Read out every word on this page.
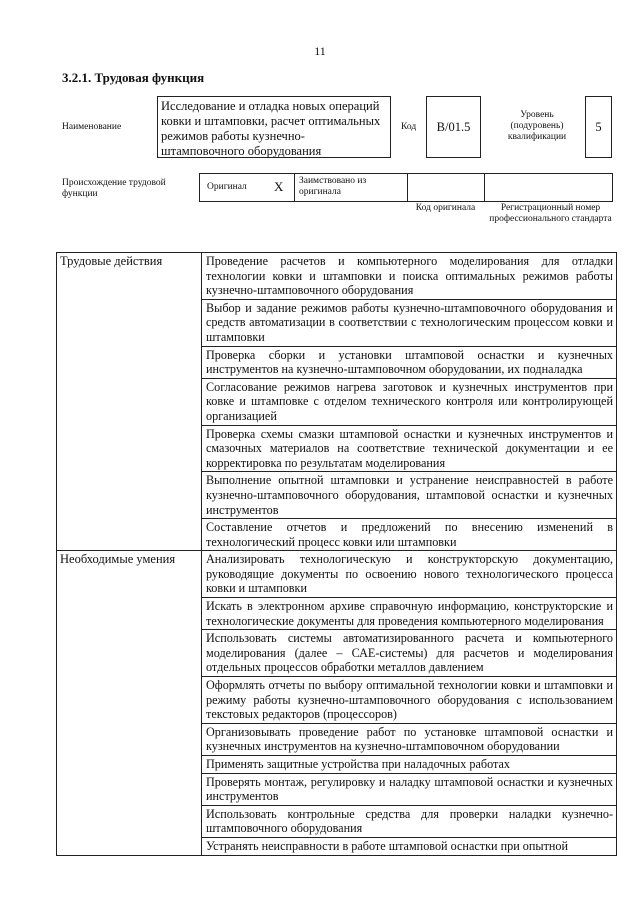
11
3.2.1. Трудовая функция
Наименование
Исследование и отладка новых операций ковки и штамповки, расчет оптимальных режимов работы кузнечно-штамповочного оборудования
Код В/01.5
Уровень (подуровень) квалификации
5
Происхождение трудовой функции
Оригинал X Заимствовано из оригинала
Код оригинала	Регистрационный номер профессионального стандарта
Трудовые действия	Проведение расчетов и компьютерного моделирования для отладки технологии ковки и штамповки и поиска оптимальных режимов работы кузнечно-штамповочного оборудования
Выбор и задание режимов работы кузнечно-штамповочного оборудования и средств автоматизации в соответствии с технологическим процессом ковки и штамповки
Проверка сборки и установки штамповой оснастки и кузнечных инструментов на кузнечно-штамповочном оборудовании, их подналадка
Согласование режимов нагрева заготовок и кузнечных инструментов при ковке и штамповке с отделом технического контроля или контролирующей организацией
Проверка схемы смазки штамповой оснастки и кузнечных инструментов и смазочных материалов на соответствие технической документации и ее корректировка по результатам моделирования
Выполнение опытной штамповки и устранение неисправностей в работе кузнечно-штамповочного оборудования, штамповой оснастки и кузнечных инструментов
Составление отчетов и предложений по внесению изменений в технологический процесс ковки или штамповки
Необходимые умения	Анализировать технологическую и конструкторскую документацию, руководящие документы по освоению нового технологического процесса ковки и штамповки
Искать в электронном архиве справочную информацию, конструкторские и технологические документы для проведения компьютерного моделирования
Использовать системы автоматизированного расчета и компьютерного моделирования (далее – САЕ-системы) для расчетов и моделирования отдельных процессов обработки металлов давлением
Оформлять отчеты по выбору оптимальной технологии ковки и штамповки и режиму работы кузнечно-штамповочного оборудования с использованием текстовых редакторов (процессоров)
Организовывать проведение работ по установке штамповой оснастки и кузнечных инструментов на кузнечно-штамповочном оборудовании
Применять защитные устройства при наладочных работах
Проверять монтаж, регулировку и наладку штамповой оснастки и кузнечных инструментов
Использовать контрольные средства для проверки наладки кузнечно-штамповочного оборудования
Устранять неисправности в работе штамповой оснастки при опытной
